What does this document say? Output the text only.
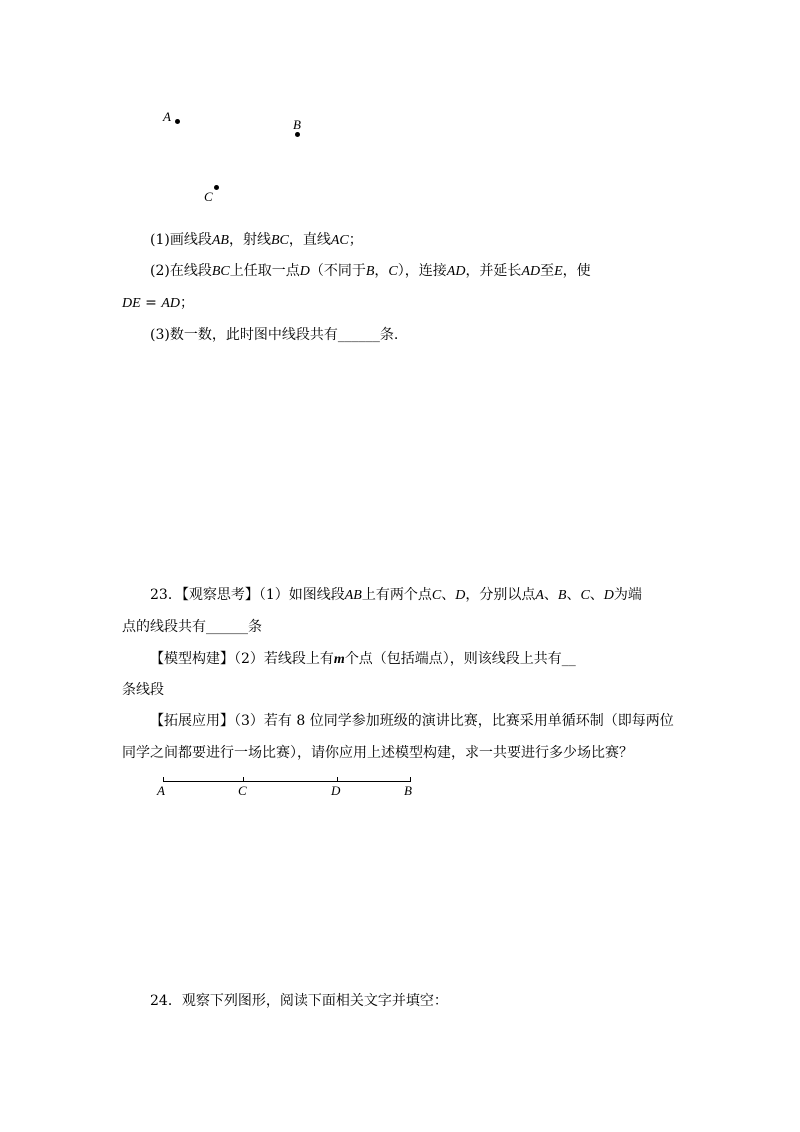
A
B
C
(1)画线段AB，射线BC，直线AC；
(2)在线段BC上任取一点D（不同于B，C），连接AD，并延长AD至E，使
DE = AD；
(3)数一数，此时图中线段共有______条.
23．【观察思考】（1）如图线段AB上有两个点C、D，分别以点A、B、C、D为端
点的线段共有______条
【模型构建】（2）若线段上有m个点（包括端点），则该线段上共有__
条线段
【拓展应用】（3）若有 8 位同学参加班级的演讲比赛，比赛采用单循环制（即每两位
同学之间都要进行一场比赛），请你应用上述模型构建，求一共要进行多少场比赛？
A	C	D	B
24．观察下列图形，阅读下面相关文字并填空：
